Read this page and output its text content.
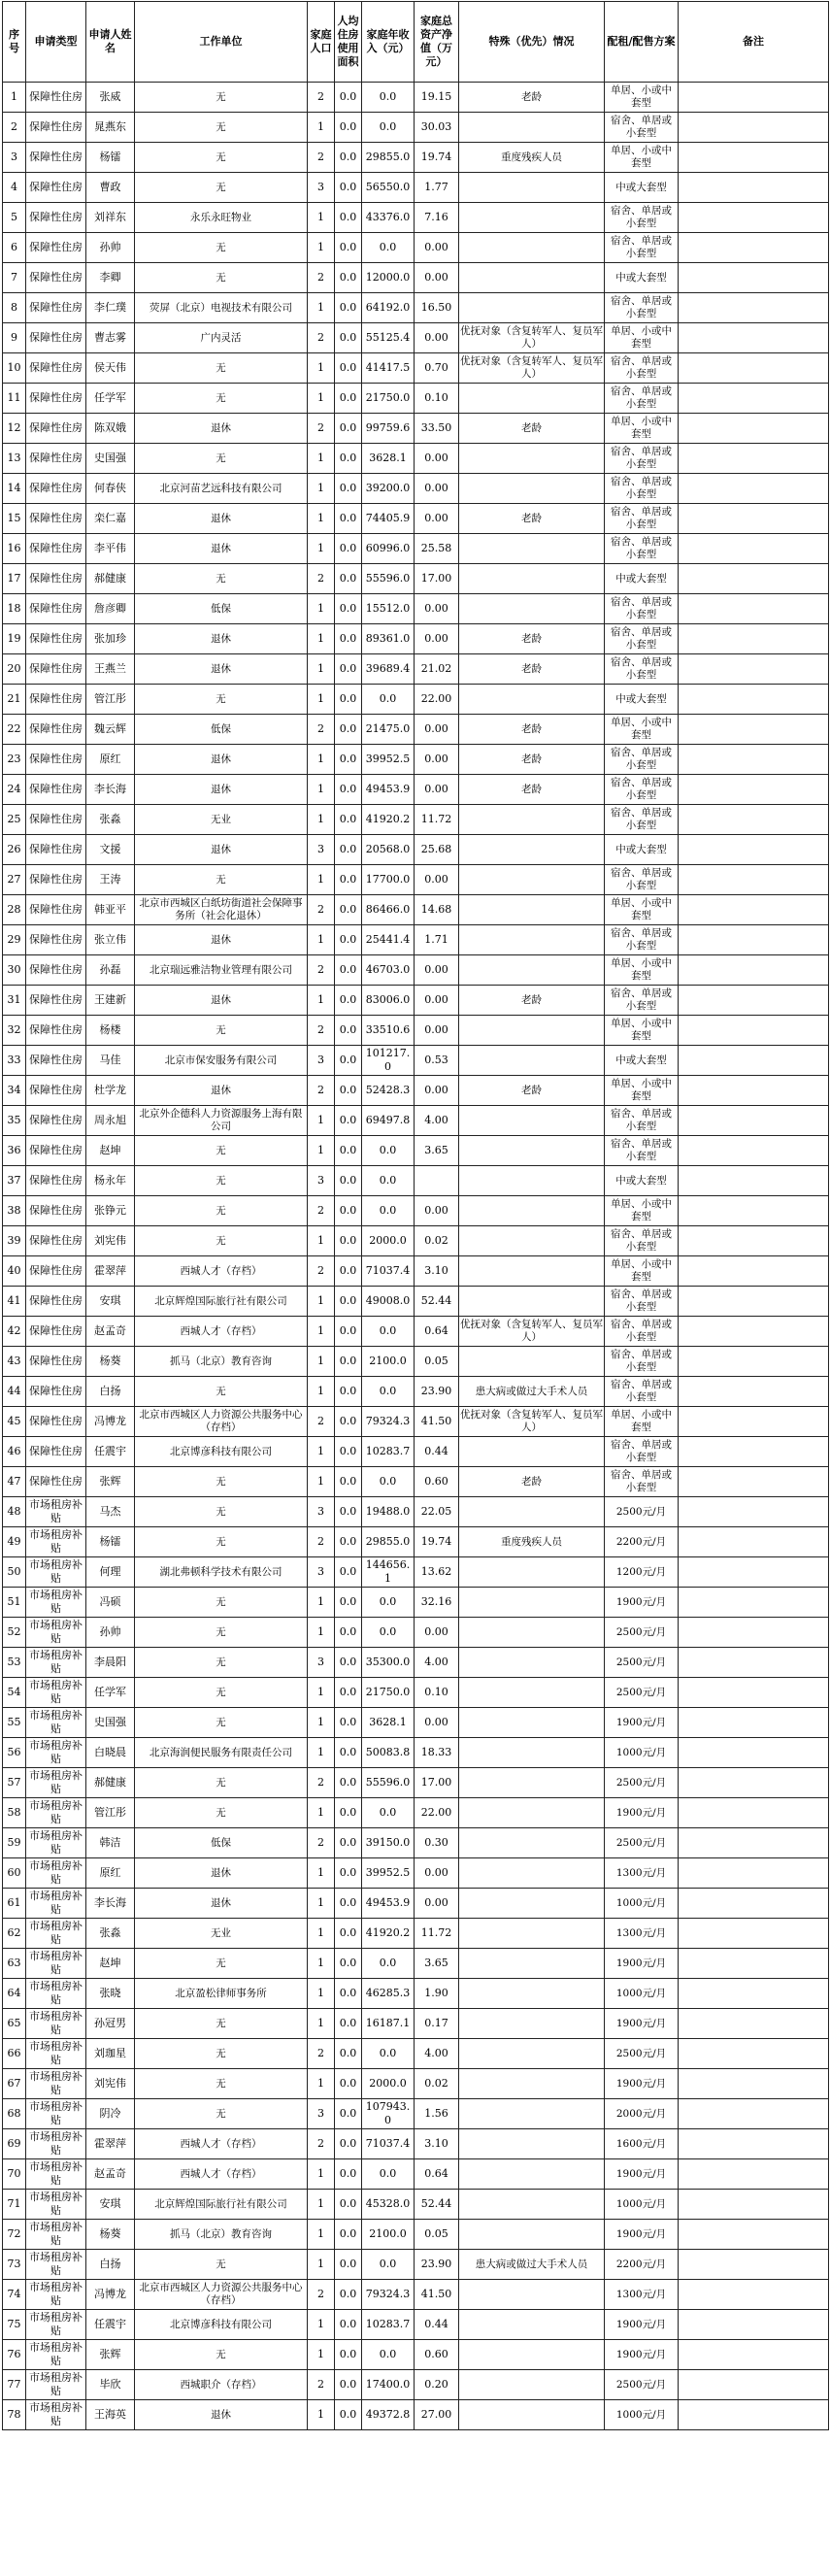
序号	申请类型	申请人姓名	工作单位	家庭人口	人均住房使用面积	家庭年收入（元）	家庭总资产净值（万元）	特殊（优先）情况	配租/配售方案	备注
1	保障性住房	张威	无	2	0.0	0.0	19.15	老龄	单居、小或中套型	
2	保障性住房	晁燕东	无	1	0.0	0.0	30.03		宿舍、单居或小套型	
3	保障性住房	杨镭	无	2	0.0	29855.0	19.74	重度残疾人员	单居、小或中套型	
4	保障性住房	曹政	无	3	0.0	56550.0	1.77		中或大套型	
5	保障性住房	刘祥东	永乐永旺物业	1	0.0	43376.0	7.16		宿舍、单居或小套型	
6	保障性住房	孙帅	无	1	0.0	0.0	0.00		宿舍、单居或小套型	
7	保障性住房	李卿	无	2	0.0	12000.0	0.00		中或大套型	
8	保障性住房	李仁璞	荧屏（北京）电视技术有限公司	1	0.0	64192.0	16.50		宿舍、单居或小套型	
9	保障性住房	曹志雾	广内灵活	2	0.0	55125.4	0.00	优抚对象（含复转军人、复员军人）	单居、小或中套型	
10	保障性住房	侯天伟	无	1	0.0	41417.5	0.70	优抚对象（含复转军人、复员军人）	宿舍、单居或小套型	
11	保障性住房	任学军	无	1	0.0	21750.0	0.10		宿舍、单居或小套型	
12	保障性住房	陈双娥	退休	2	0.0	99759.6	33.50	老龄	单居、小或中套型	
13	保障性住房	史国强	无	1	0.0	3628.1	0.00		宿舍、单居或小套型	
14	保障性住房	何春侠	北京河苗艺远科技有限公司	1	0.0	39200.0	0.00		宿舍、单居或小套型	
15	保障性住房	栾仁嘉	退休	1	0.0	74405.9	0.00	老龄	宿舍、单居或小套型	
16	保障性住房	李平伟	退休	1	0.0	60996.0	25.58		宿舍、单居或小套型	
17	保障性住房	郝健康	无	2	0.0	55596.0	17.00		中或大套型	
18	保障性住房	詹彦卿	低保	1	0.0	15512.0	0.00		宿舍、单居或小套型	
19	保障性住房	张加珍	退休	1	0.0	89361.0	0.00	老龄	宿舍、单居或小套型	
20	保障性住房	王燕兰	退休	1	0.0	39689.4	21.02	老龄	宿舍、单居或小套型	
21	保障性住房	管江彤	无	1	0.0	0.0	22.00		中或大套型	
22	保障性住房	魏云辉	低保	2	0.0	21475.0	0.00	老龄	单居、小或中套型	
23	保障性住房	原红	退休	1	0.0	39952.5	0.00	老龄	宿舍、单居或小套型	
24	保障性住房	李长海	退休	1	0.0	49453.9	0.00	老龄	宿舍、单居或小套型	
25	保障性住房	张淼	无业	1	0.0	41920.2	11.72		宿舍、单居或小套型	
26	保障性住房	文援	退休	3	0.0	20568.0	25.68		中或大套型	
27	保障性住房	王涛	无	1	0.0	17700.0	0.00		宿舍、单居或小套型	
28	保障性住房	韩亚平	北京市西城区白纸坊街道社会保障事务所（社会化退休）	2	0.0	86466.0	14.68		单居、小或中套型	
29	保障性住房	张立伟	退休	1	0.0	25441.4	1.71		宿舍、单居或小套型	
30	保障性住房	孙磊	北京瑞远雅洁物业管理有限公司	2	0.0	46703.0	0.00		单居、小或中套型	
31	保障性住房	王建新	退休	1	0.0	83006.0	0.00	老龄	宿舍、单居或小套型	
32	保障性住房	杨楼	无	2	0.0	33510.6	0.00		单居、小或中套型	
33	保障性住房	马佳	北京市保安服务有限公司	3	0.0	101217.0	0.53		中或大套型	
34	保障性住房	杜学龙	退休	2	0.0	52428.3	0.00	老龄	单居、小或中套型	
35	保障性住房	周永旭	北京外企德科人力资源服务上海有限公司	1	0.0	69497.8	4.00		宿舍、单居或小套型	
36	保障性住房	赵坤	无	1	0.0	0.0	3.65		宿舍、单居或小套型	
37	保障性住房	杨永年	无	3	0.0	0.0			中或大套型	
38	保障性住房	张铮元	无	2	0.0	0.0	0.00		单居、小或中套型	
39	保障性住房	刘宪伟	无	1	0.0	2000.0	0.02		宿舍、单居或小套型	
40	保障性住房	霍翠萍	西城人才（存档）	2	0.0	71037.4	3.10		单居、小或中套型	
41	保障性住房	安琪	北京辉煌国际旅行社有限公司	1	0.0	49008.0	52.44		宿舍、单居或小套型	
42	保障性住房	赵孟奇	西城人才（存档）	1	0.0	0.0	0.64	优抚对象（含复转军人、复员军人）	宿舍、单居或小套型	
43	保障性住房	杨葵	抓马（北京）教育咨询	1	0.0	2100.0	0.05		宿舍、单居或小套型	
44	保障性住房	白扬	无	1	0.0	0.0	23.90	患大病或做过大手术人员	宿舍、单居或小套型	
45	保障性住房	冯博龙	北京市西城区人力资源公共服务中心（存档）	2	0.0	79324.3	41.50	优抚对象（含复转军人、复员军人）	单居、小或中套型	
46	保障性住房	任震宇	北京博彦科技有限公司	1	0.0	10283.7	0.44		宿舍、单居或小套型	
47	保障性住房	张辉	无	1	0.0	0.0	0.60	老龄	宿舍、单居或小套型	
48	市场租房补贴	马杰	无	3	0.0	19488.0	22.05		2500元/月	
49	市场租房补贴	杨镭	无	2	0.0	29855.0	19.74	重度残疾人员	2200元/月	
50	市场租房补贴	何理	湖北弗顿科学技术有限公司	3	0.0	144656.1	13.62		1200元/月	
51	市场租房补贴	冯硕	无	1	0.0	0.0	32.16		1900元/月	
52	市场租房补贴	孙帅	无	1	0.0	0.0	0.00		2500元/月	
53	市场租房补贴	李晨阳	无	3	0.0	35300.0	4.00		2500元/月	
54	市场租房补贴	任学军	无	1	0.0	21750.0	0.10		2500元/月	
55	市场租房补贴	史国强	无	1	0.0	3628.1	0.00		1900元/月	
56	市场租房补贴	白晓晨	北京海润便民服务有限责任公司	1	0.0	50083.8	18.33		1000元/月	
57	市场租房补贴	郝健康	无	2	0.0	55596.0	17.00		2500元/月	
58	市场租房补贴	管江彤	无	1	0.0	0.0	22.00		1900元/月	
59	市场租房补贴	韩洁	低保	2	0.0	39150.0	0.30		2500元/月	
60	市场租房补贴	原红	退休	1	0.0	39952.5	0.00		1300元/月	
61	市场租房补贴	李长海	退休	1	0.0	49453.9	0.00		1000元/月	
62	市场租房补贴	张淼	无业	1	0.0	41920.2	11.72		1300元/月	
63	市场租房补贴	赵坤	无	1	0.0	0.0	3.65		1900元/月	
64	市场租房补贴	张晓	北京盈松律师事务所	1	0.0	46285.3	1.90		1000元/月	
65	市场租房补贴	孙冠男	无	1	0.0	16187.1	0.17		1900元/月	
66	市场租房补贴	刘珈星	无	2	0.0	0.0	4.00		2500元/月	
67	市场租房补贴	刘宪伟	无	1	0.0	2000.0	0.02		1900元/月	
68	市场租房补贴	阴冷	无	3	0.0	107943.0	1.56		2000元/月	
69	市场租房补贴	霍翠萍	西城人才（存档）	2	0.0	71037.4	3.10		1600元/月	
70	市场租房补贴	赵孟奇	西城人才（存档）	1	0.0	0.0	0.64		1900元/月	
71	市场租房补贴	安琪	北京辉煌国际旅行社有限公司	1	0.0	45328.0	52.44		1000元/月	
72	市场租房补贴	杨葵	抓马（北京）教育咨询	1	0.0	2100.0	0.05		1900元/月	
73	市场租房补贴	白扬	无	1	0.0	0.0	23.90	患大病或做过大手术人员	2200元/月	
74	市场租房补贴	冯博龙	北京市西城区人力资源公共服务中心（存档）	2	0.0	79324.3	41.50		1300元/月	
75	市场租房补贴	任震宇	北京博彦科技有限公司	1	0.0	10283.7	0.44		1900元/月	
76	市场租房补贴	张辉	无	1	0.0	0.0	0.60		1900元/月	
77	市场租房补贴	毕欣	西城职介（存档）	2	0.0	17400.0	0.20		2500元/月	
78	市场租房补贴	王海英	退休	1	0.0	49372.8	27.00		1000元/月	
